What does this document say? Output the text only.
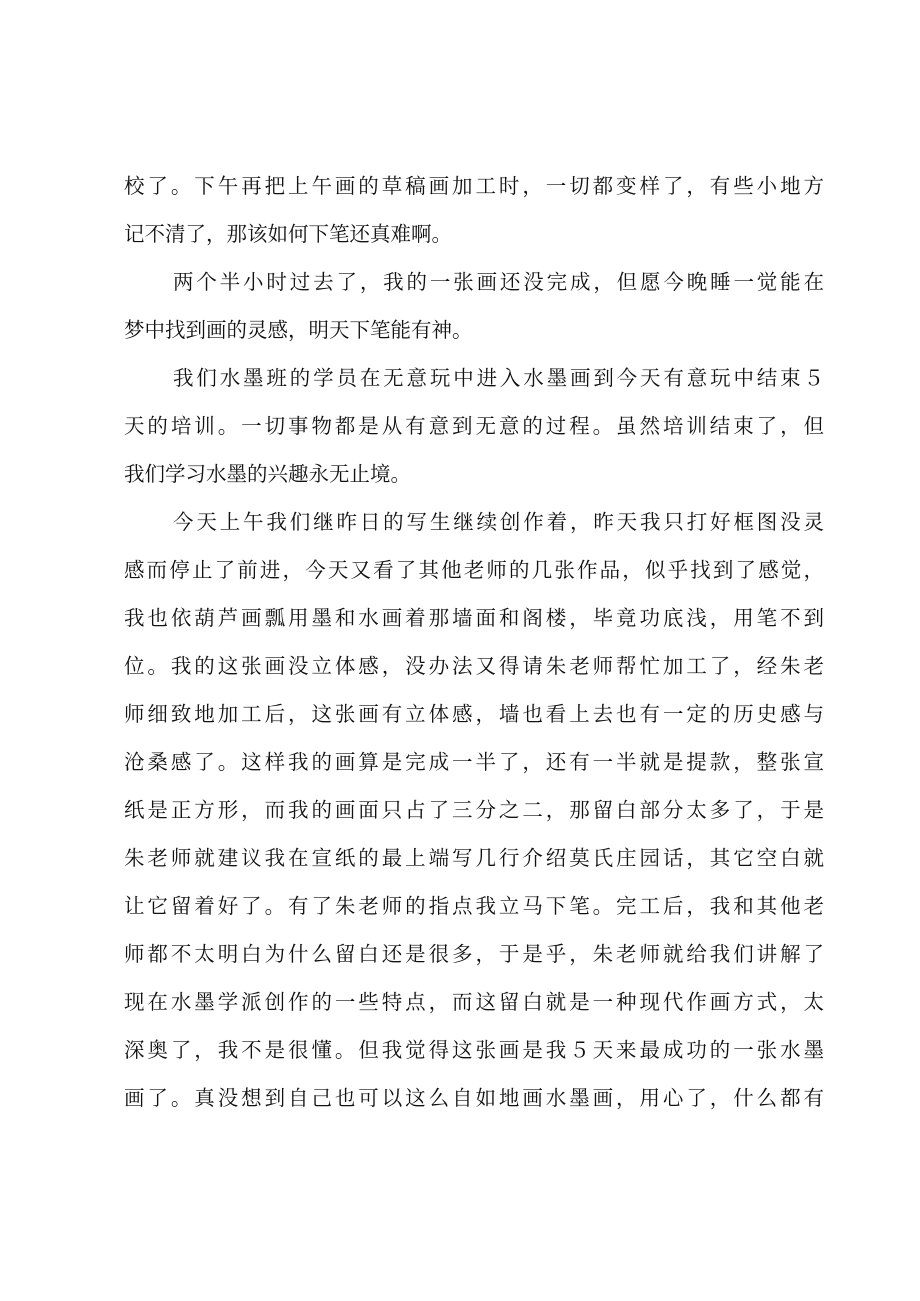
校了。下午再把上午画的草稿画加工时，一切都变样了，有些小地方
记不清了，那该如何下笔还真难啊。
两个半小时过去了，我的一张画还没完成，但愿今晚睡一觉能在
梦中找到画的灵感，明天下笔能有神。
我们水墨班的学员在无意玩中进入水墨画到今天有意玩中结束５
天的培训。一切事物都是从有意到无意的过程。虽然培训结束了，但
我们学习水墨的兴趣永无止境。
今天上午我们继昨日的写生继续创作着，昨天我只打好框图没灵
感而停止了前进，今天又看了其他老师的几张作品，似乎找到了感觉，
我也依葫芦画瓢用墨和水画着那墙面和阁楼，毕竟功底浅，用笔不到
位。我的这张画没立体感，没办法又得请朱老师帮忙加工了，经朱老
师细致地加工后，这张画有立体感，墙也看上去也有一定的历史感与
沧桑感了。这样我的画算是完成一半了，还有一半就是提款，整张宣
纸是正方形，而我的画面只占了三分之二，那留白部分太多了，于是
朱老师就建议我在宣纸的最上端写几行介绍莫氏庄园话，其它空白就
让它留着好了。有了朱老师的指点我立马下笔。完工后，我和其他老
师都不太明白为什么留白还是很多，于是乎，朱老师就给我们讲解了
现在水墨学派创作的一些特点，而这留白就是一种现代作画方式，太
深奥了，我不是很懂。但我觉得这张画是我５天来最成功的一张水墨
画了。真没想到自己也可以这么自如地画水墨画，用心了，什么都有
